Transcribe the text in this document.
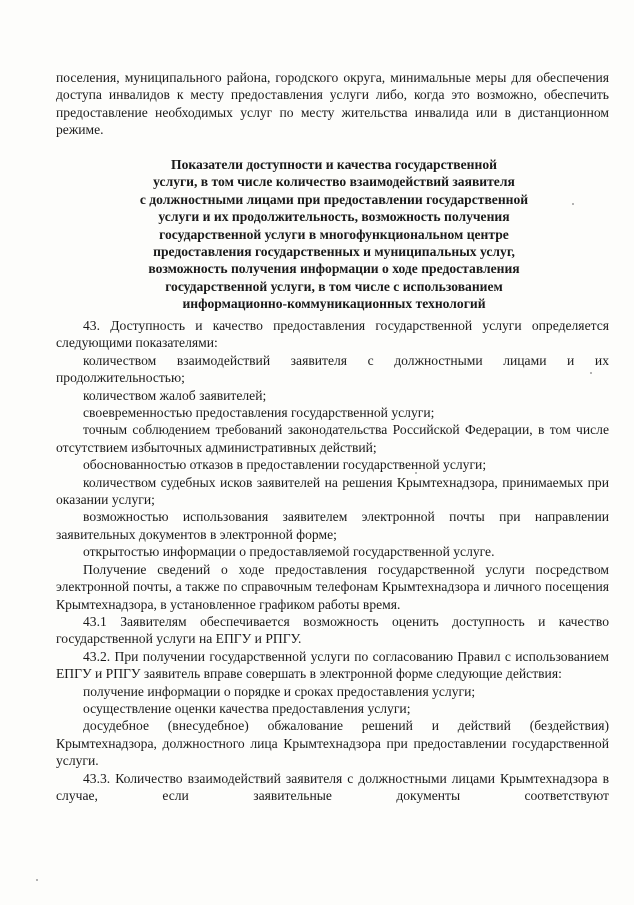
поселения, муниципального района, городского округа, минимальные меры для обеспечения доступа инвалидов к месту предоставления услуги либо, когда это возможно, обеспечить предоставление необходимых услуг по месту жительства инвалида или в дистанционном режиме.

Показатели доступности и качества государственной
услуги, в том числе количество взаимодействий заявителя
с должностными лицами при предоставлении государственной
услуги и их продолжительность, возможность получения
государственной услуги в многофункциональном центре
предоставления государственных и муниципальных услуг,
возможность получения информации о ходе предоставления
государственной услуги, в том числе с использованием
информационно-коммуникационных технологий

43. Доступность и качество предоставления государственной услуги определяется следующими показателями:

количеством взаимодействий заявителя с должностными лицами и их продолжительностью;

количеством жалоб заявителей;

своевременностью предоставления государственной услуги;

точным соблюдением требований законодательства Российской Федерации, в том числе отсутствием избыточных административных действий;

обоснованностью отказов в предоставлении государственной услуги;

количеством судебных исков заявителей на решения Крымтехнадзора, принимаемых при оказании услуги;

возможностью использования заявителем электронной почты при направлении заявительных документов в электронной форме;

открытостью информации о предоставляемой государственной услуге.

Получение сведений о ходе предоставления государственной услуги посредством электронной почты, а также по справочным телефонам Крымтехнадзора и личного посещения Крымтехнадзора, в установленное графиком работы время.

43.1 Заявителям обеспечивается возможность оценить доступность и качество государственной услуги на ЕПГУ и РПГУ.

43.2. При получении государственной услуги по согласованию Правил с использованием ЕПГУ и РПГУ заявитель вправе совершать в электронной форме следующие действия:

получение информации о порядке и сроках предоставления услуги;

осуществление оценки качества предоставления услуги;

досудебное (внесудебное) обжалование решений и действий (бездействия) Крымтехнадзора, должностного лица Крымтехнадзора при предоставлении государственной услуги.

43.3. Количество взаимодействий заявителя с должностными лицами Крымтехнадзора в случае, если заявительные документы соответствуют
